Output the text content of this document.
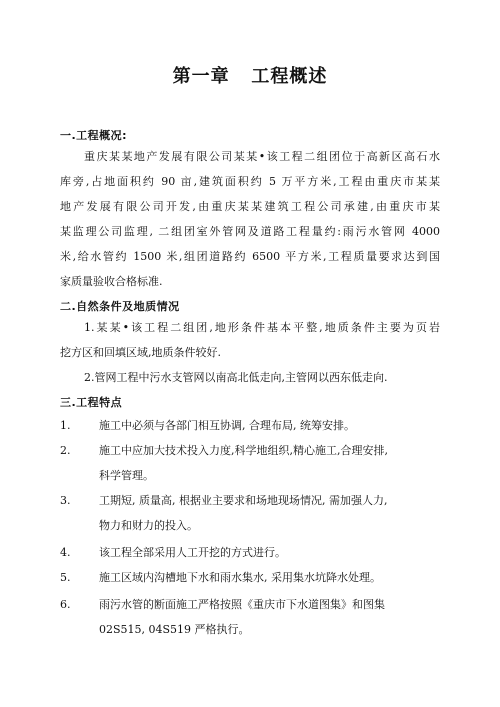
第一章   工程概述
一.工程概况:
重庆某某地产发展有限公司某某•该工程二组团位于高新区高石水
库旁,占地面积约 90 亩,建筑面积约 5 万平方米,工程由重庆市某某
地产发展有限公司开发,由重庆某某建筑工程公司承建,由重庆市某
某监理公司监理, 二组团室外管网及道路工程量约:雨污水管网 4000
米,给水管约 1500 米,组团道路约 6500 平方米,工程质量要求达到国
家质量验收合格标准.
二.自然条件及地质情况
1.某某•该工程二组团,地形条件基本平整,地质条件主要为页岩
挖方区和回填区域,地质条件较好.
2.管网工程中污水支管网以南高北低走向,主管网以西东低走向.
三.工程特点
1.	施工中必须与各部门相互协调, 合理布局, 统筹安排。
2.	施工中应加大技术投入力度,科学地组织,精心施工,合理安排,
科学管理。
3.	工期短, 质量高, 根据业主要求和场地现场情况, 需加强人力,
物力和财力的投入。
4.	该工程全部采用人工开挖的方式进行。
5.	施工区域内沟槽地下水和雨水集水, 采用集水坑降水处理。
6.	雨污水管的断面施工严格按照《重庆市下水道图集》和图集
02S515, 04S519 严格执行。
